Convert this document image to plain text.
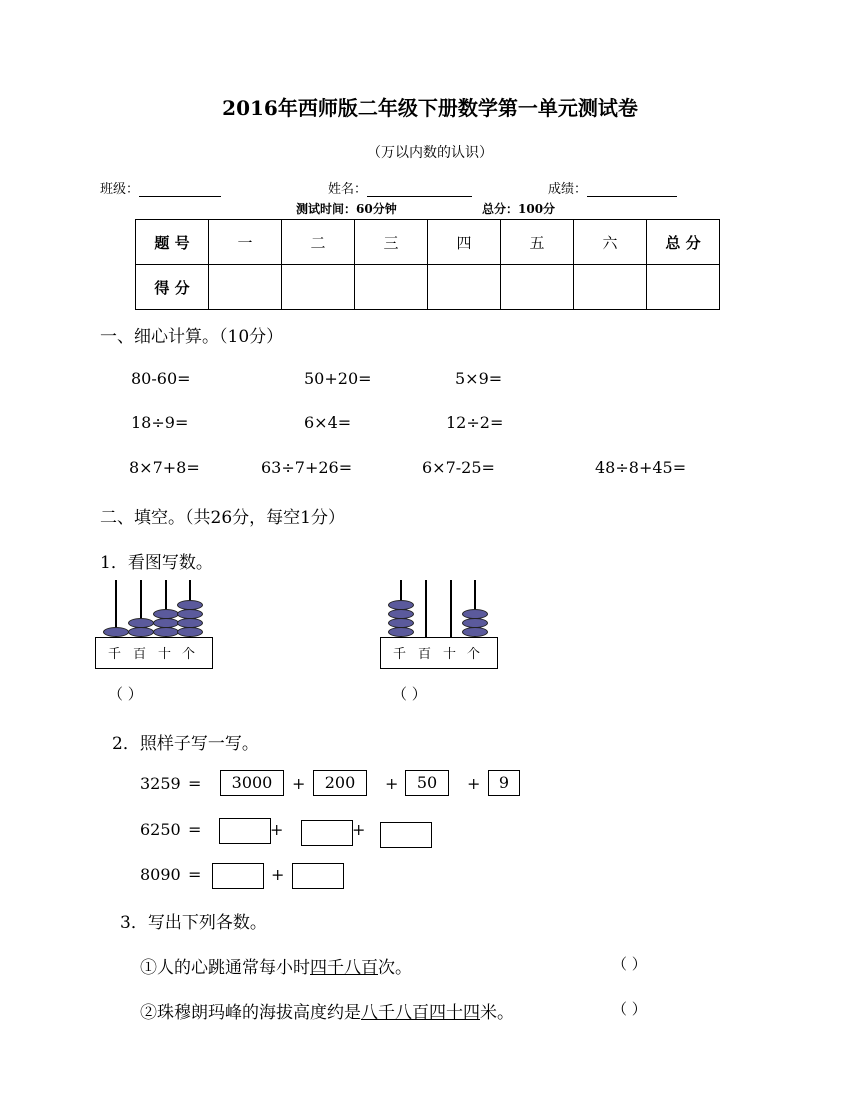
2016年西师版二年级下册数学第一单元测试卷
（万以内数的认识）
班级：	姓名：	成绩：
测试时间：60分钟	总分：100分
题 号	一	二	三	四	五	六	总 分
得 分							
一、细心计算。（10分）
80-60=	50+20=	5×9=
18÷9=	6×4=	12÷2=
8×7+8=	63÷7+26=	6×7-25=	48÷8+45=
二、填空。（共26分，每空1分）
1．看图写数。
千 百 十 个	千 百 十 个
（ ）	（ ）
2．照样子写一写。
3259 =	3000	+	200	+	50	+	9
6250 =	+	+
8090 =	+
3．写出下列各数。
①人的心跳通常每小时四千八百次。	（ ）
②珠穆朗玛峰的海拔高度约是八千八百四十四米。	（ ）
